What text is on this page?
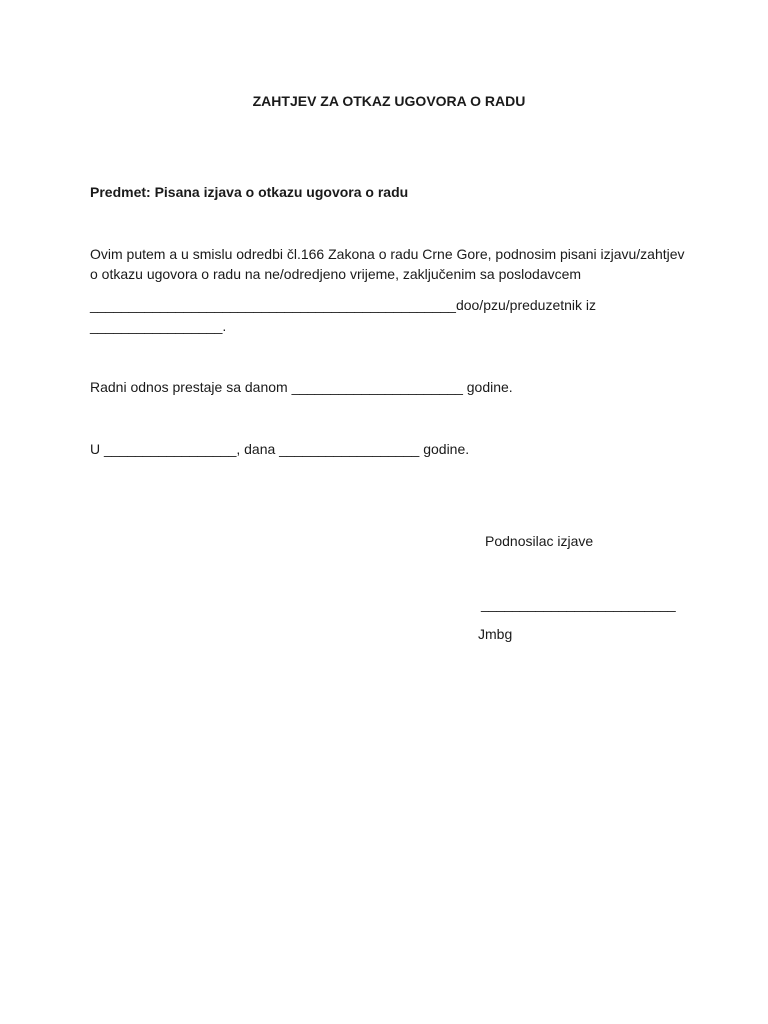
ZAHTJEV ZA OTKAZ UGOVORA O RADU
Predmet: Pisana izjava o otkazu ugovora o radu
Ovim putem a u smislu odredbi čl.166 Zakona o radu Crne Gore, podnosim pisani izjavu/zahtjev
o otkazu ugovora o radu na ne/odredjeno vrijeme, zaključenim sa poslodavcem
_______________________________________________doo/pzu/preduzetnik iz
_________________.
Radni odnos prestaje sa danom ______________________ godine.
U _________________, dana __________________ godine.
Podnosilac izjave
_________________________
Jmbg
